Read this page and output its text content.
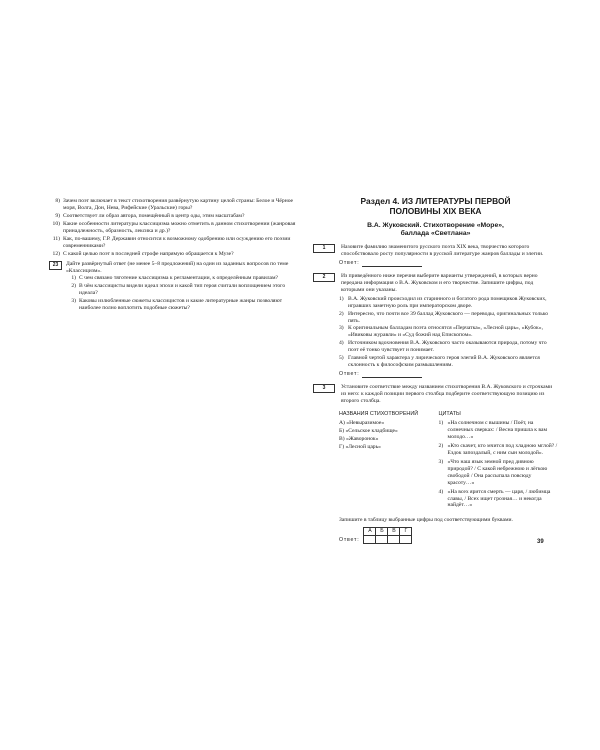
8) Зачем поэт включает в текст стихотворения развёрнутую картину целой страны: Белое и Чёрное моря, Волга, Дон, Нева, Рифейские (Уральские) горы?
9) Соответствует ли образ автора, помещённый в центр оды, этим масштабам?
10) Какие особенности литературы классицизма можно отметить в данном стихотворении (жанровая принадлежность, образность, лексика и др.)?
11) Как, по-вашему, Г.Р. Державин относится к возможному одобрению или осуждению его поэзии современниками?
12) С какой целью поэт в последней строфе напрямую обращается к Музе?
23	Дайте развёрнутый ответ (не менее 5–8 предложений) на один из заданных вопросов по теме «Классицизм».
1) С чем связано тяготение классицизма к регламентации, к определённым правилам?
2) В чём классицисты видели идеал эпохи и какой тип героя считали воплощением этого идеала?
3) Каковы излюбленные сюжеты классицистов и какие литературные жанры позволяют наиболее полно воплотить подобные сюжеты?
Раздел 4. ИЗ ЛИТЕРАТУРЫ ПЕРВОЙ
ПОЛОВИНЫ XIX ВЕКА
В.А. Жуковский. Стихотворение «Море»,
баллада «Светлана»
1	Назовите фамилию знаменитого русского поэта XIX века, творчество которого способствовало росту популярности в русской литературе жанров баллады и элегии.
Ответ:
2	Из приведённого ниже перечня выберите варианты утверждений, в которых верно передана информация о В.А. Жуковском и его творчестве. Запишите цифры, под которыми они указаны.
1) В.А. Жуковский происходил из старинного и богатого рода помещиков Жуковских, игравших заметную роль при императорском дворе.
2) Интересно, что почти все 39 баллад Жуковского — переводы, оригинальных только пять.
3) К оригинальным балладам поэта относятся «Перчатка», «Лесной царь», «Кубок», «Ивиковы журавли» и «Суд божий над Епископом».
4) Источником вдохновения В.А. Жуковского часто оказываются природа, потому что поэт её тонко чувствует и понимает.
5) Главной чертой характера у лирического героя элегий В.А. Жуковского является склонность к философским размышлениям.
Ответ:
3	Установите соответствие между названием стихотворения В.А. Жуковского и строчками из него: к каждой позиции первого столбца подберите соответствующую позицию из второго столбца.
НАЗВАНИЯ СТИХОТВОРЕНИЙ
А) «Невыразимое»
Б) «Сельское кладбище»
В) «Жаворонок»
Г) «Лесной царь»
ЦИТАТЫ
1) «На солнечном с вышины / Поёт, на солнечных сверках: / Весна пришла к вам молодо…»
2) «Кто скачет, кто мчится под хладною мглой? / Ездок запоздалый, с ним сын молодой».
3) «Что наш язык земной пред дивною природой? / С какой небрежною и лёгкою свободой / Она рассыпала повсюду красоту…»
4) «На всех ярится смерть — царя, / любимца славы, / Всех ищет грозная… и некогда найдёт…»
Запишите в таблицу выбранные цифры под соответствующими буквами.
Ответ:
А	Б	В	Г

39
